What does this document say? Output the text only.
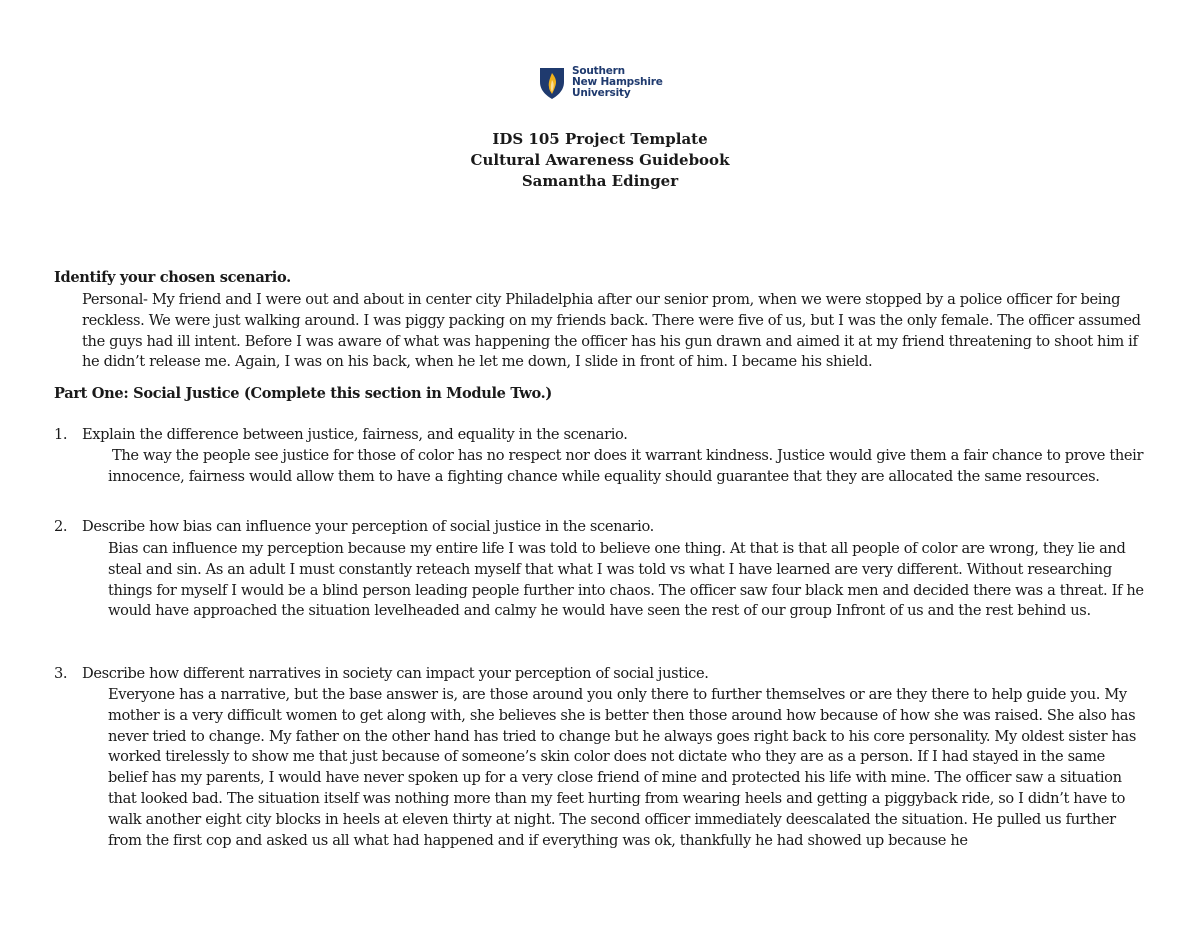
Southern
New Hampshire
University
IDS 105 Project Template
Cultural Awareness Guidebook
Samantha Edinger
Identify your chosen scenario.
Personal- My friend and I were out and about in center city Philadelphia after our senior prom, when we were stopped by a police officer for being reckless. We were just walking around. I was piggy packing on my friends back. There were five of us, but I was the only female. The officer assumed the guys had ill intent. Before I was aware of what was happening the officer has his gun drawn and aimed it at my friend threatening to shoot him if he didn’t release me. Again, I was on his back, when he let me down, I slide in front of him. I became his shield.
Part One: Social Justice (Complete this section in Module Two.)
1.	Explain the difference between justice, fairness, and equality in the scenario.
The way the people see justice for those of color has no respect nor does it warrant kindness. Justice would give them a fair chance to prove their innocence, fairness would allow them to have a fighting chance while equality should guarantee that they are allocated the same resources.
2.	Describe how bias can influence your perception of social justice in the scenario.
Bias can influence my perception because my entire life I was told to believe one thing. At that is that all people of color are wrong, they lie and steal and sin. As an adult I must constantly reteach myself that what I was told vs what I have learned are very different. Without researching things for myself I would be a blind person leading people further into chaos. The officer saw four black men and decided there was a threat. If he would have approached the situation levelheaded and calmy he would have seen the rest of our group Infront of us and the rest behind us.
3.	Describe how different narratives in society can impact your perception of social justice.
Everyone has a narrative, but the base answer is, are those around you only there to further themselves or are they there to help guide you. My mother is a very difficult women to get along with, she believes she is better then those around how because of how she was raised. She also has never tried to change. My father on the other hand has tried to change but he always goes right back to his core personality. My oldest sister has worked tirelessly to show me that just because of someone’s skin color does not dictate who they are as a person. If I had stayed in the same belief has my parents, I would have never spoken up for a very close friend of mine and protected his life with mine. The officer saw a situation that looked bad. The situation itself was nothing more than my feet hurting from wearing heels and getting a piggyback ride, so I didn’t have to walk another eight city blocks in heels at eleven thirty at night. The second officer immediately deescalated the situation. He pulled us further from the first cop and asked us all what had happened and if everything was ok, thankfully he had showed up because he
